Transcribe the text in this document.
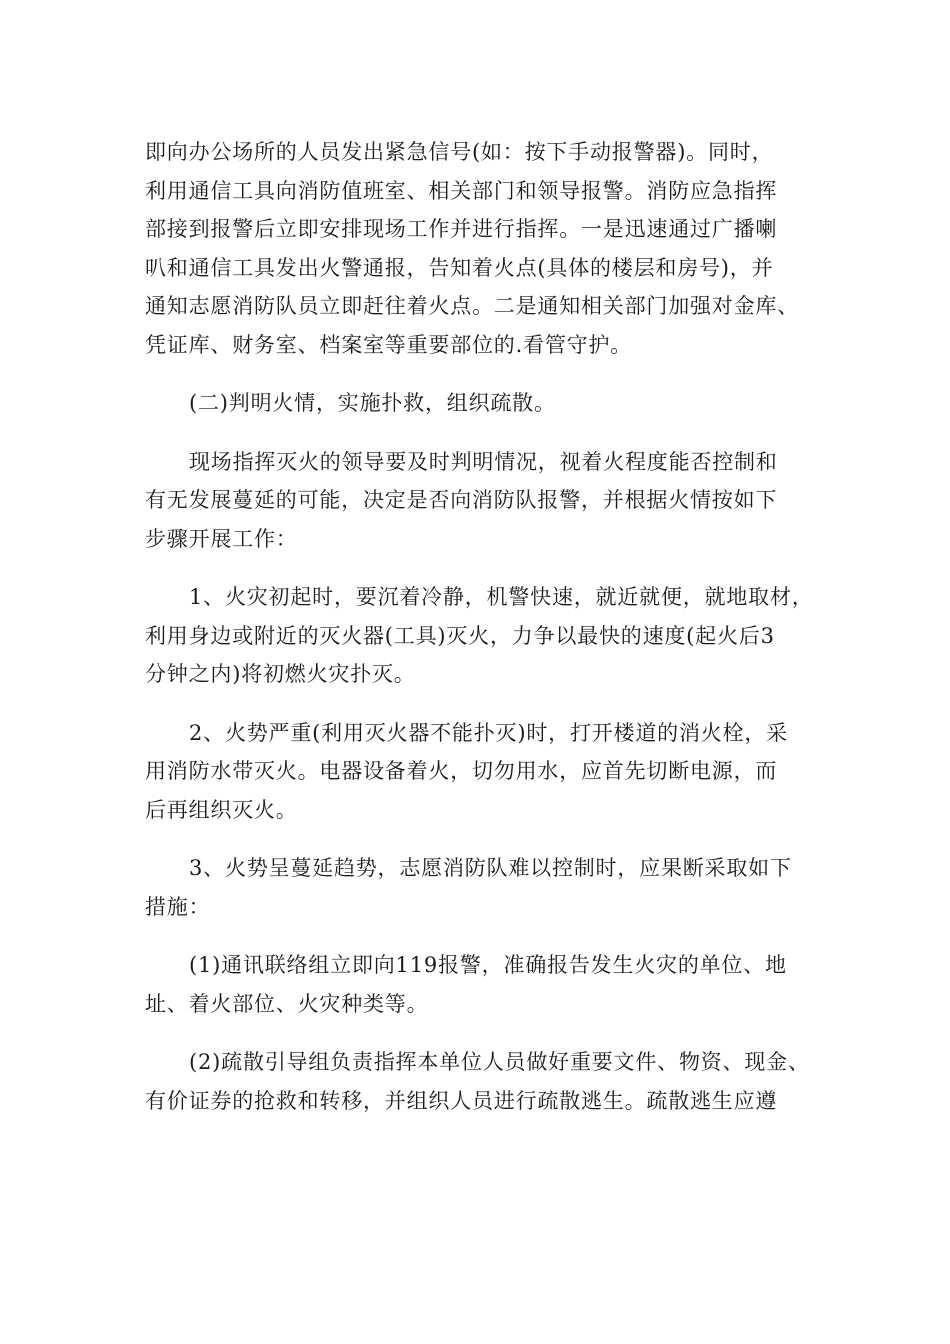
即向办公场所的人员发出紧急信号(如：按下手动报警器)。同时，
利用通信工具向消防值班室、相关部门和领导报警。消防应急指挥
部接到报警后立即安排现场工作并进行指挥。一是迅速通过广播喇
叭和通信工具发出火警通报，告知着火点(具体的楼层和房号)，并
通知志愿消防队员立即赶往着火点。二是通知相关部门加强对金库、
凭证库、财务室、档案室等重要部位的.看管守护。
(二)判明火情，实施扑救，组织疏散。
现场指挥灭火的领导要及时判明情况，视着火程度能否控制和
有无发展蔓延的可能，决定是否向消防队报警，并根据火情按如下
步骤开展工作：
1、火灾初起时，要沉着冷静，机警快速，就近就便，就地取材，
利用身边或附近的灭火器(工具)灭火，力争以最快的速度(起火后3
分钟之内)将初燃火灾扑灭。
2、火势严重(利用灭火器不能扑灭)时，打开楼道的消火栓，采
用消防水带灭火。电器设备着火，切勿用水，应首先切断电源，而
后再组织灭火。
3、火势呈蔓延趋势，志愿消防队难以控制时，应果断采取如下
措施：
(1)通讯联络组立即向119报警，准确报告发生火灾的单位、地
址、着火部位、火灾种类等。
(2)疏散引导组负责指挥本单位人员做好重要文件、物资、现金、
有价证券的抢救和转移，并组织人员进行疏散逃生。疏散逃生应遵
